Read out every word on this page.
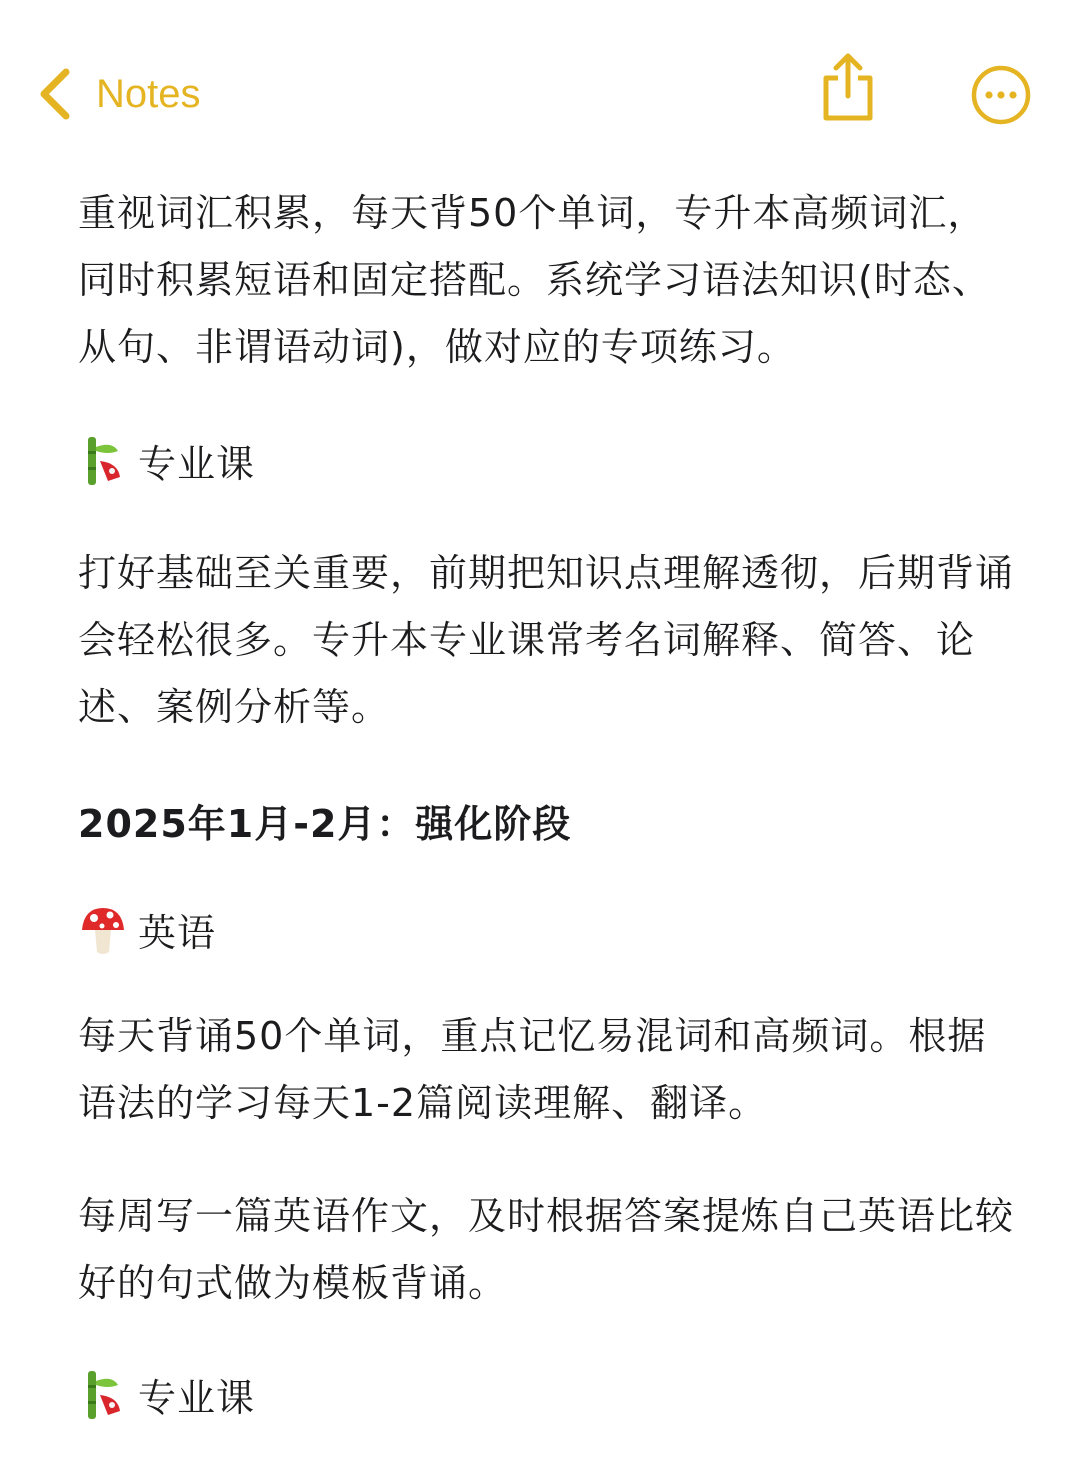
Notes

重视词汇积累，每天背50个单词，专升本高频词汇，同时积累短语和固定搭配。系统学习语法知识(时态、从句、非谓语动词)，做对应的专项练习。

专业课

打好基础至关重要，前期把知识点理解透彻，后期背诵会轻松很多。专升本专业课常考名词解释、简答、论述、案例分析等。

2025年1月-2月：强化阶段
英语

每天背诵50个单词，重点记忆易混词和高频词。根据语法的学习每天1-2篇阅读理解、翻译。

每周写一篇英语作文，及时根据答案提炼自己英语比较好的句式做为模板背诵。

专业课
